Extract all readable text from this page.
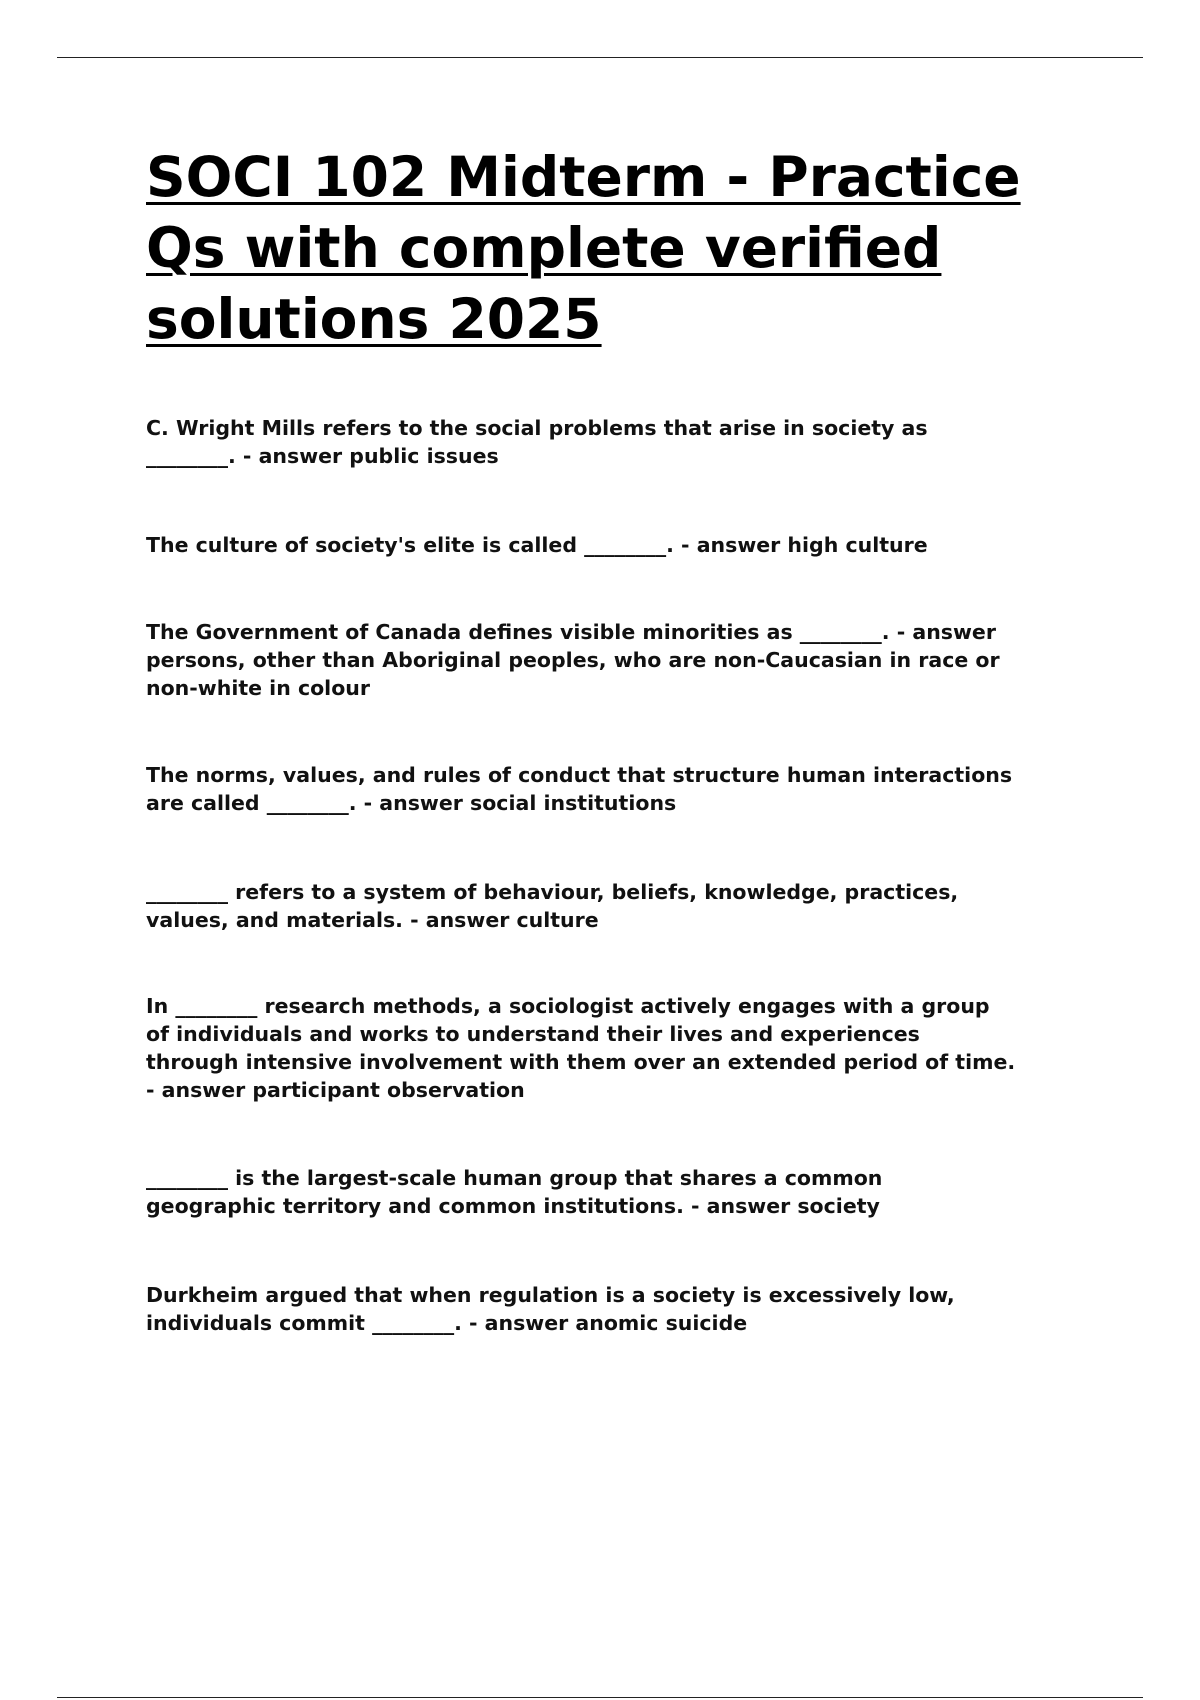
SOCI 102 Midterm - Practice
Qs with complete verified
solutions 2025
C. Wright Mills refers to the social problems that arise in society as
________. - answer public issues
The culture of society's elite is called ________. - answer high culture
The Government of Canada defines visible minorities as ________. - answer
persons, other than Aboriginal peoples, who are non-Caucasian in race or
non-white in colour
The norms, values, and rules of conduct that structure human interactions
are called ________. - answer social institutions
________ refers to a system of behaviour, beliefs, knowledge, practices,
values, and materials. - answer culture
In ________ research methods, a sociologist actively engages with a group
of individuals and works to understand their lives and experiences
through intensive involvement with them over an extended period of time.
- answer participant observation
________ is the largest-scale human group that shares a common
geographic territory and common institutions. - answer society
Durkheim argued that when regulation is a society is excessively low,
individuals commit ________. - answer anomic suicide
